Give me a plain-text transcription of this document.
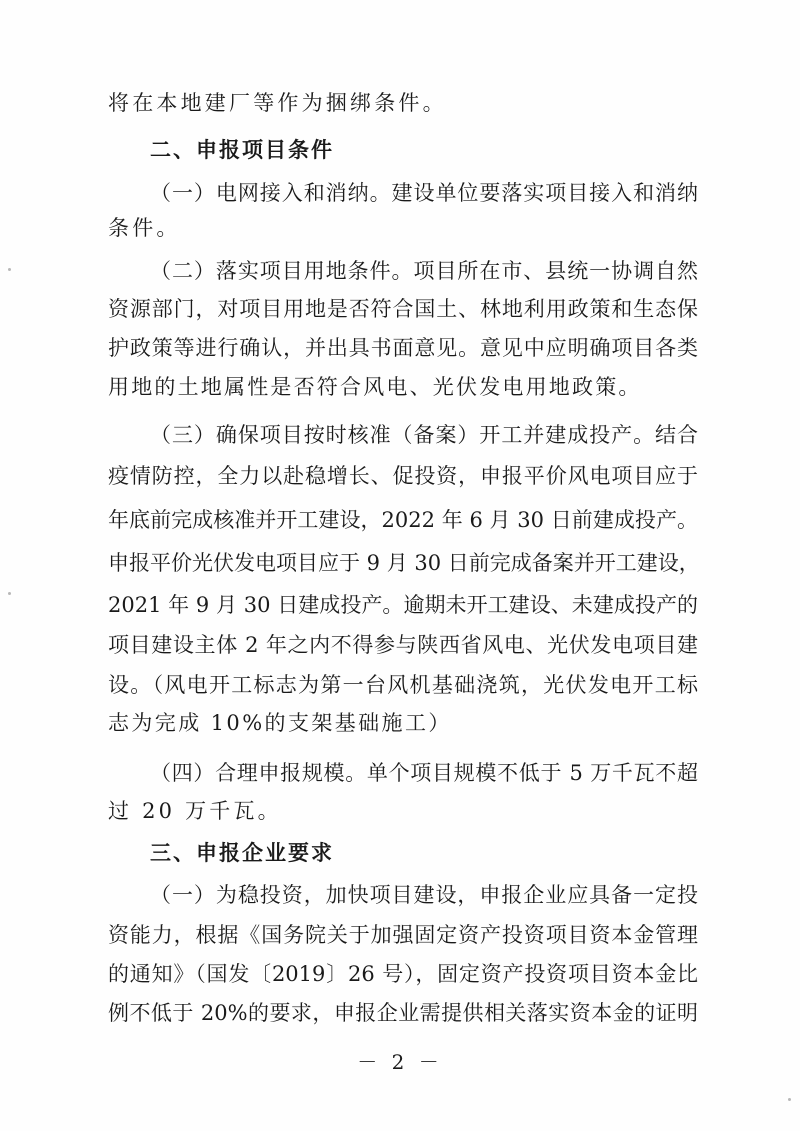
将在本地建厂等作为捆绑条件。
二、申报项目条件
（一）电网接入和消纳。建设单位要落实项目接入和消纳
条件。
（二）落实项目用地条件。项目所在市、县统一协调自然
资源部门，对项目用地是否符合国土、林地利用政策和生态保
护政策等进行确认，并出具书面意见。意见中应明确项目各类
用地的土地属性是否符合风电、光伏发电用地政策。
（三）确保项目按时核准（备案）开工并建成投产。结合
疫情防控，全力以赴稳增长、促投资，申报平价风电项目应于
年底前完成核准并开工建设，2022 年 6 月 30 日前建成投产。
申报平价光伏发电项目应于 9 月 30 日前完成备案并开工建设，
2021 年 9 月 30 日建成投产。逾期未开工建设、未建成投产的
项目建设主体 2 年之内不得参与陕西省风电、光伏发电项目建
设。（风电开工标志为第一台风机基础浇筑，光伏发电开工标
志为完成 10%的支架基础施工）
（四）合理申报规模。单个项目规模不低于 5 万千瓦不超
过 20 万千瓦。
三、申报企业要求
（一）为稳投资，加快项目建设，申报企业应具备一定投
资能力，根据《国务院关于加强固定资产投资项目资本金管理
的通知》（国发〔2019〕26 号），固定资产投资项目资本金比
例不低于 20%的要求，申报企业需提供相关落实资本金的证明
－ 2 －
